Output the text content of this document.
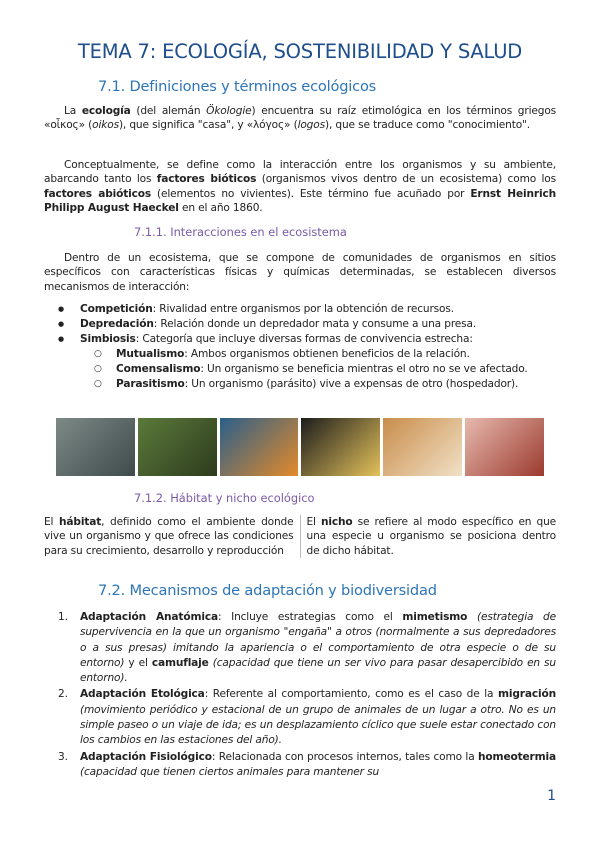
TEMA 7: ECOLOGÍA, SOSTENIBILIDAD Y SALUD
7.1. Definiciones y términos ecológicos

La ecología (del alemán Ökologie) encuentra su raíz etimológica en los términos griegos «οἶκος» (oikos), que significa "casa", y «λόγος» (logos), que se traduce como "conocimiento".

Conceptualmente, se define como la interacción entre los organismos y su ambiente, abarcando tanto los factores bióticos (organismos vivos dentro de un ecosistema) como los factores abióticos (elementos no vivientes). Este término fue acuñado por Ernst Heinrich Philipp August Haeckel en el año 1860.

7.1.1. Interacciones en el ecosistema

Dentro de un ecosistema, que se compone de comunidades de organismos en sitios específicos con características físicas y químicas determinadas, se establecen diversos mecanismos de interacción:

● Competición: Rivalidad entre organismos por la obtención de recursos.
● Depredación: Relación donde un depredador mata y consume a una presa.
● Simbiosis: Categoría que incluye diversas formas de convivencia estrecha:
○ Mutualismo: Ambos organismos obtienen beneficios de la relación.
○ Comensalismo: Un organismo se beneficia mientras el otro no se ve afectado.
○ Parasitismo: Un organismo (parásito) vive a expensas de otro (hospedador).
7.1.2. Hábitat y nicho ecológico

El hábitat, definido como el ambiente donde vive un organismo y que ofrece las condiciones para su crecimiento, desarrollo y reproducción

El nicho se refiere al modo específico en que una especie u organismo se posiciona dentro de dicho hábitat.

7.2. Mecanismos de adaptación y biodiversidad
1. Adaptación Anatómica: Incluye estrategias como el mimetismo (estrategia de supervivencia en la que un organismo "engaña" a otros (normalmente a sus depredadores o a sus presas) imitando la apariencia o el comportamiento de otra especie o de su entorno) y el camuflaje (capacidad que tiene un ser vivo para pasar desapercibido en su entorno).
2. Adaptación Etológica: Referente al comportamiento, como es el caso de la migración (movimiento periódico y estacional de un grupo de animales de un lugar a otro. No es un simple paseo o un viaje de ida; es un desplazamiento cíclico que suele estar conectado con los cambios en las estaciones del año).
3. Adaptación Fisiológico: Relacionada con procesos internos, tales como la homeotermia (capacidad que tienen ciertos animales para mantener su
1
